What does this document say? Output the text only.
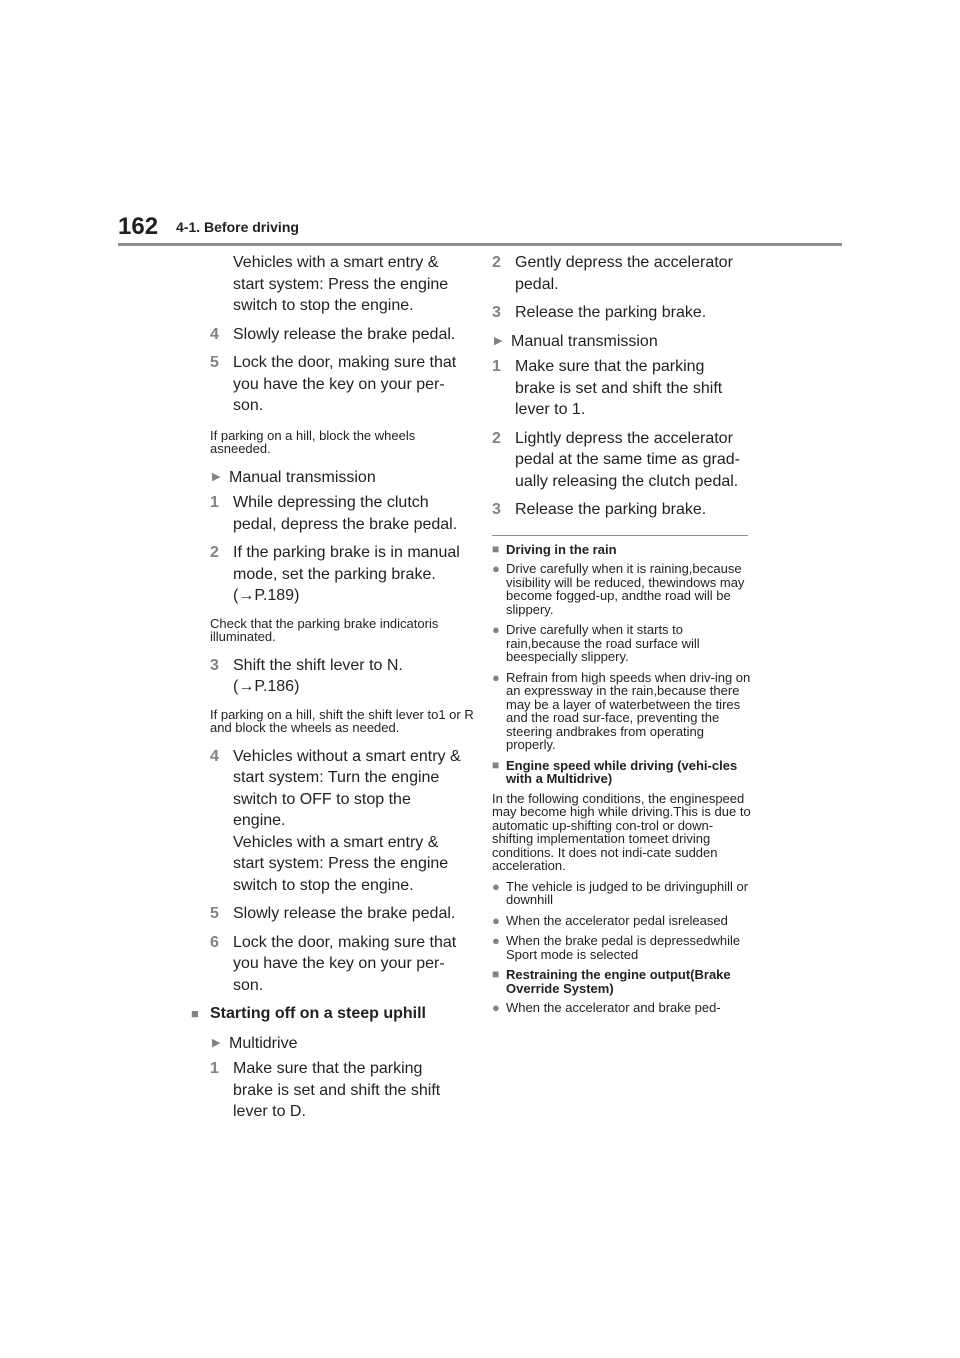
162 4-1. Before driving
Vehicles with a smart entry &
start system: Press the engine
switch to stop the engine.
4 Slowly release the brake pedal.
5 Lock the door, making sure that
you have the key on your per-
son.
If parking on a hill, block the wheels asneeded.
▶ Manual transmission
1 While depressing the clutch
pedal, depress the brake pedal.
2 If the parking brake is in manual
mode, set the parking brake.
(→P.189)
Check that the parking brake indicatoris illuminated.
3 Shift the shift lever to N.
(→P.186)
If parking on a hill, shift the shift lever to1 or R and block the wheels as needed.
4 Vehicles without a smart entry &
start system: Turn the engine
switch to OFF to stop the
engine.
Vehicles with a smart entry &
start system: Press the engine
switch to stop the engine.
5 Slowly release the brake pedal.
6 Lock the door, making sure that
you have the key on your per-
son.
■ Starting off on a steep uphill
▶ Multidrive
1 Make sure that the parking
brake is set and shift the shift
lever to D.
2 Gently depress the accelerator
pedal.
3 Release the parking brake.
▶ Manual transmission
1 Make sure that the parking
brake is set and shift the shift
lever to 1.
2 Lightly depress the accelerator
pedal at the same time as grad-
ually releasing the clutch pedal.
3 Release the parking brake.
■ Driving in the rain
● Drive carefully when it is raining,because visibility will be reduced, thewindows may become fogged-up, andthe road will be slippery.
● Drive carefully when it starts to rain,because the road surface will beespecially slippery.
● Refrain from high speeds when driv-ing on an expressway in the rain,because there may be a layer of waterbetween the tires and the road sur-face, preventing the steering andbrakes from operating properly.
■ Engine speed while driving (vehi-cles with a Multidrive)
In the following conditions, the enginespeed may become high while driving.This is due to automatic up-shifting con-trol or down-shifting implementation tomeet driving conditions. It does not indi-cate sudden acceleration.
● The vehicle is judged to be drivinguphill or downhill
● When the accelerator pedal isreleased
● When the brake pedal is depressedwhile Sport mode is selected
■ Restraining the engine output(Brake Override System)
● When the accelerator and brake ped-
